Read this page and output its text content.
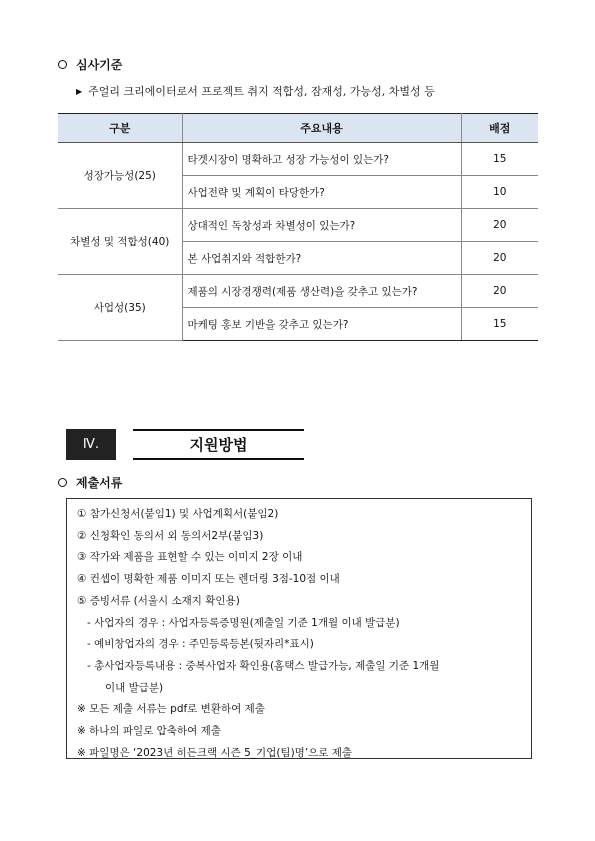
심사기준
▶ 주얼리 크리에이터로서 프로젝트 취지 적합성, 잠재성, 가능성, 차별성 등
구분	주요내용	배점
성장가능성(25)	타겟시장이 명확하고 성장 가능성이 있는가?	15
	사업전략 및 계획이 타당한가?	10
차별성 및 적합성(40)	상대적인 독창성과 차별성이 있는가?	20
	본 사업취지와 적합한가?	20
사업성(35)	제품의 시장경쟁력(제품 생산력)을 갖추고 있는가?	20
	마케팅 홍보 기반을 갖추고 있는가?	15
Ⅳ.	지원방법
제출서류
① 참가신청서(붙임1) 및 사업계획서(붙임2)
② 신청확인 동의서 외 동의서2부(붙임3)
③ 작가와 제품을 표현할 수 있는 이미지 2장 이내
④ 컨셉이 명확한 제품 이미지 또는 렌더링 3점-10점 이내
⑤ 증빙서류 (서울시 소재지 확인용)
- 사업자의 경우 : 사업자등록증명원(제출일 기준 1개월 이내 발급분)
- 예비창업자의 경우 : 주민등록등본(뒷자리*표시)
- 총사업자등록내용 : 중복사업자 확인용(홈택스 발급가능, 제출일 기준 1개월
이내 발급분)
※ 모든 제출 서류는 pdf로 변환하여 제출
※ 하나의 파일로 압축하여 제출
※ 파일명은 ‘2023년 히든크랙 시즌 5_기업(팀)명’으로 제출
